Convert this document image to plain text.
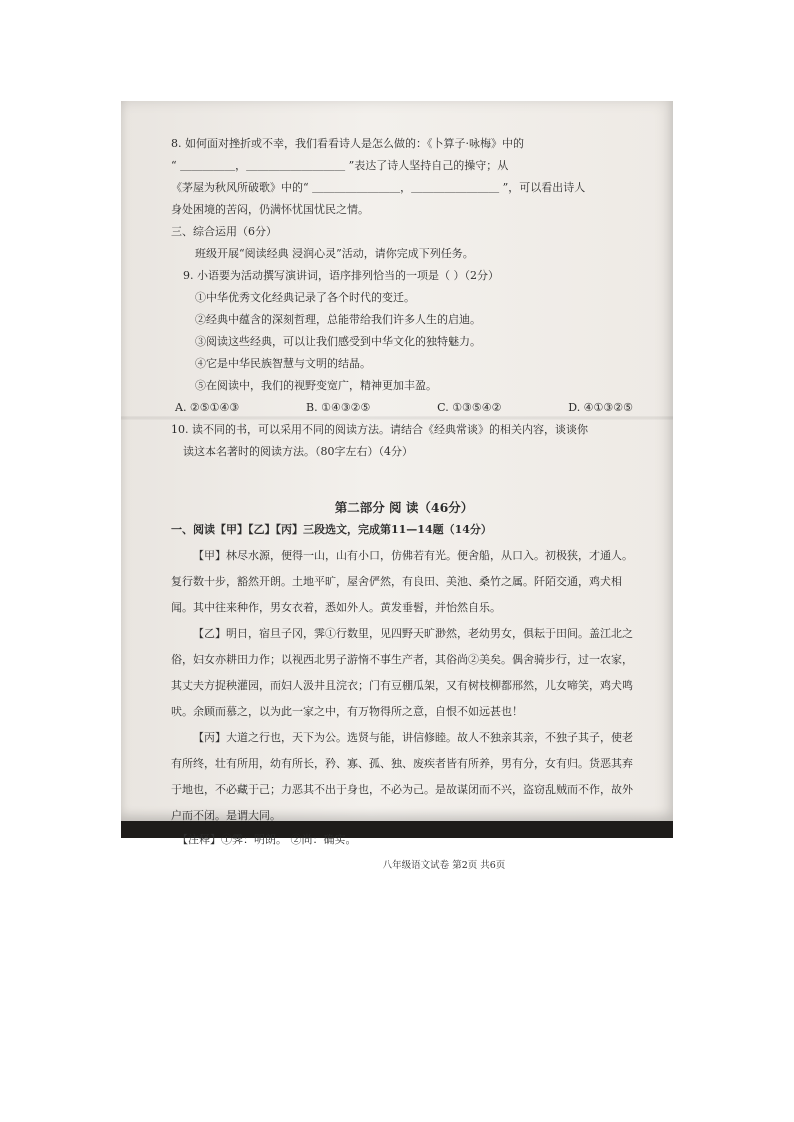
8. 如何面对挫折或不幸，我们看看诗人是怎么做的：《卜算子·咏梅》中的
“ ＿＿＿＿＿，＿＿＿＿＿＿＿＿＿ ”表达了诗人坚持自己的操守；从
《茅屋为秋风所破歌》中的“ ＿＿＿＿＿＿＿＿，＿＿＿＿＿＿＿＿ ”，可以看出诗人
身处困境的苦闷，仍满怀忧国忧民之情。
三、综合运用（6分）
班级开展“阅读经典 浸润心灵”活动，请你完成下列任务。
9. 小语要为活动撰写演讲词，语序排列恰当的一项是（ ）（2分）
①中华优秀文化经典记录了各个时代的变迁。
②经典中蕴含的深刻哲理，总能带给我们许多人生的启迪。
③阅读这些经典，可以让我们感受到中华文化的独特魅力。
④它是中华民族智慧与文明的结晶。
⑤在阅读中，我们的视野变宽广，精神更加丰盈。
A. ②⑤①④③	B. ①④③②⑤	C. ①③⑤④②	D. ④①③②⑤
10. 读不同的书，可以采用不同的阅读方法。请结合《经典常谈》的相关内容，谈谈你
读这本名著时的阅读方法。（80字左右）（4分）
第二部分 阅 读（46分）
一、阅读【甲】【乙】【丙】三段选文，完成第11—14题（14分）

【甲】林尽水源，便得一山，山有小口，仿佛若有光。便舍船，从口入。初极狭，才通人。复行数十步，豁然开朗。土地平旷，屋舍俨然，有良田、美池、桑竹之属。阡陌交通，鸡犬相闻。其中往来种作，男女衣着，悉如外人。黄发垂髫，并怡然自乐。

【乙】明日，宿旦子冈，霁①行数里，见四野天旷渺然，老幼男女，俱耘于田间。盖江北之俗，妇女亦耕田力作；以视西北男子游惰不事生产者，其俗尚②美矣。偶舍骑步行，过一农家，其丈夫方捉秧灌园，而妇人汲井且浣衣；门有豆棚瓜架，又有树枝柳都邢然，儿女啼笑，鸡犬鸣吠。余顾而慕之，以为此一家之中，有万物得所之意，自恨不如远甚也！

【丙】大道之行也，天下为公。选贤与能，讲信修睦。故人不独亲其亲，不独子其子，使老有所终，壮有所用，幼有所长，矜、寡、孤、独、废疾者皆有所养，男有分，女有归。货恶其弃于地也，不必藏于己；力恶其不出于身也，不必为己。是故谋闭而不兴，盗窃乱贼而不作，故外户而不闭。是谓大同。

【注释】①霁：明朗。 ②尚：确实。
八年级语文试卷 第2页 共6页
